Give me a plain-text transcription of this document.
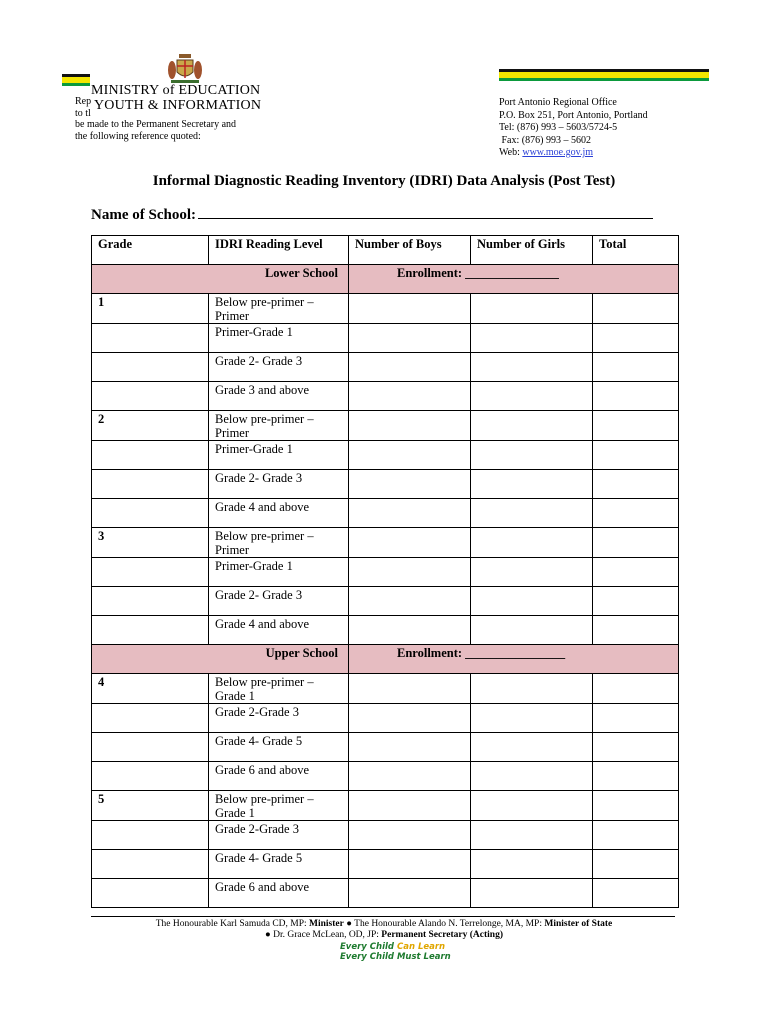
MINISTRY of EDUCATION
YOUTH & INFORMATION
Rep
to tl
be made to the Permanent Secretary and
the following reference quoted:
Port Antonio Regional Office
P.O. Box 251, Port Antonio, Portland
Tel: (876) 993 – 5603/5724-5
Fax: (876) 993 – 5602
Web: www.moe.gov.jm
Informal Diagnostic Reading Inventory (IDRI) Data Analysis (Post Test)
Name of School:
Grade	IDRI Reading Level	Number of Boys	Number of Girls	Total
Lower School		Enrollment: _______________		
1	Below pre-primer – Primer			
	Primer-Grade 1			
	Grade 2- Grade 3			
	Grade 3 and above			
2	Below pre-primer – Primer			
	Primer-Grade 1			
	Grade 2- Grade 3			
	Grade 4 and above			
3	Below pre-primer – Primer			
	Primer-Grade 1			
	Grade 2- Grade 3			
	Grade 4 and above			
Upper School		Enrollment: ________________		
4	Below pre-primer – Grade 1			
	Grade 2-Grade 3			
	Grade 4- Grade 5			
	Grade 6 and above			
5	Below pre-primer – Grade 1			
	Grade 2-Grade 3			
	Grade 4- Grade 5			
	Grade 6 and above			
The Honourable Karl Samuda CD, MP: Minister ● The Honourable Alando N. Terrelonge, MA, MP: Minister of State
● Dr. Grace McLean, OD, JP: Permanent Secretary (Acting)
Every Child Can Learn
Every Child Must Learn
